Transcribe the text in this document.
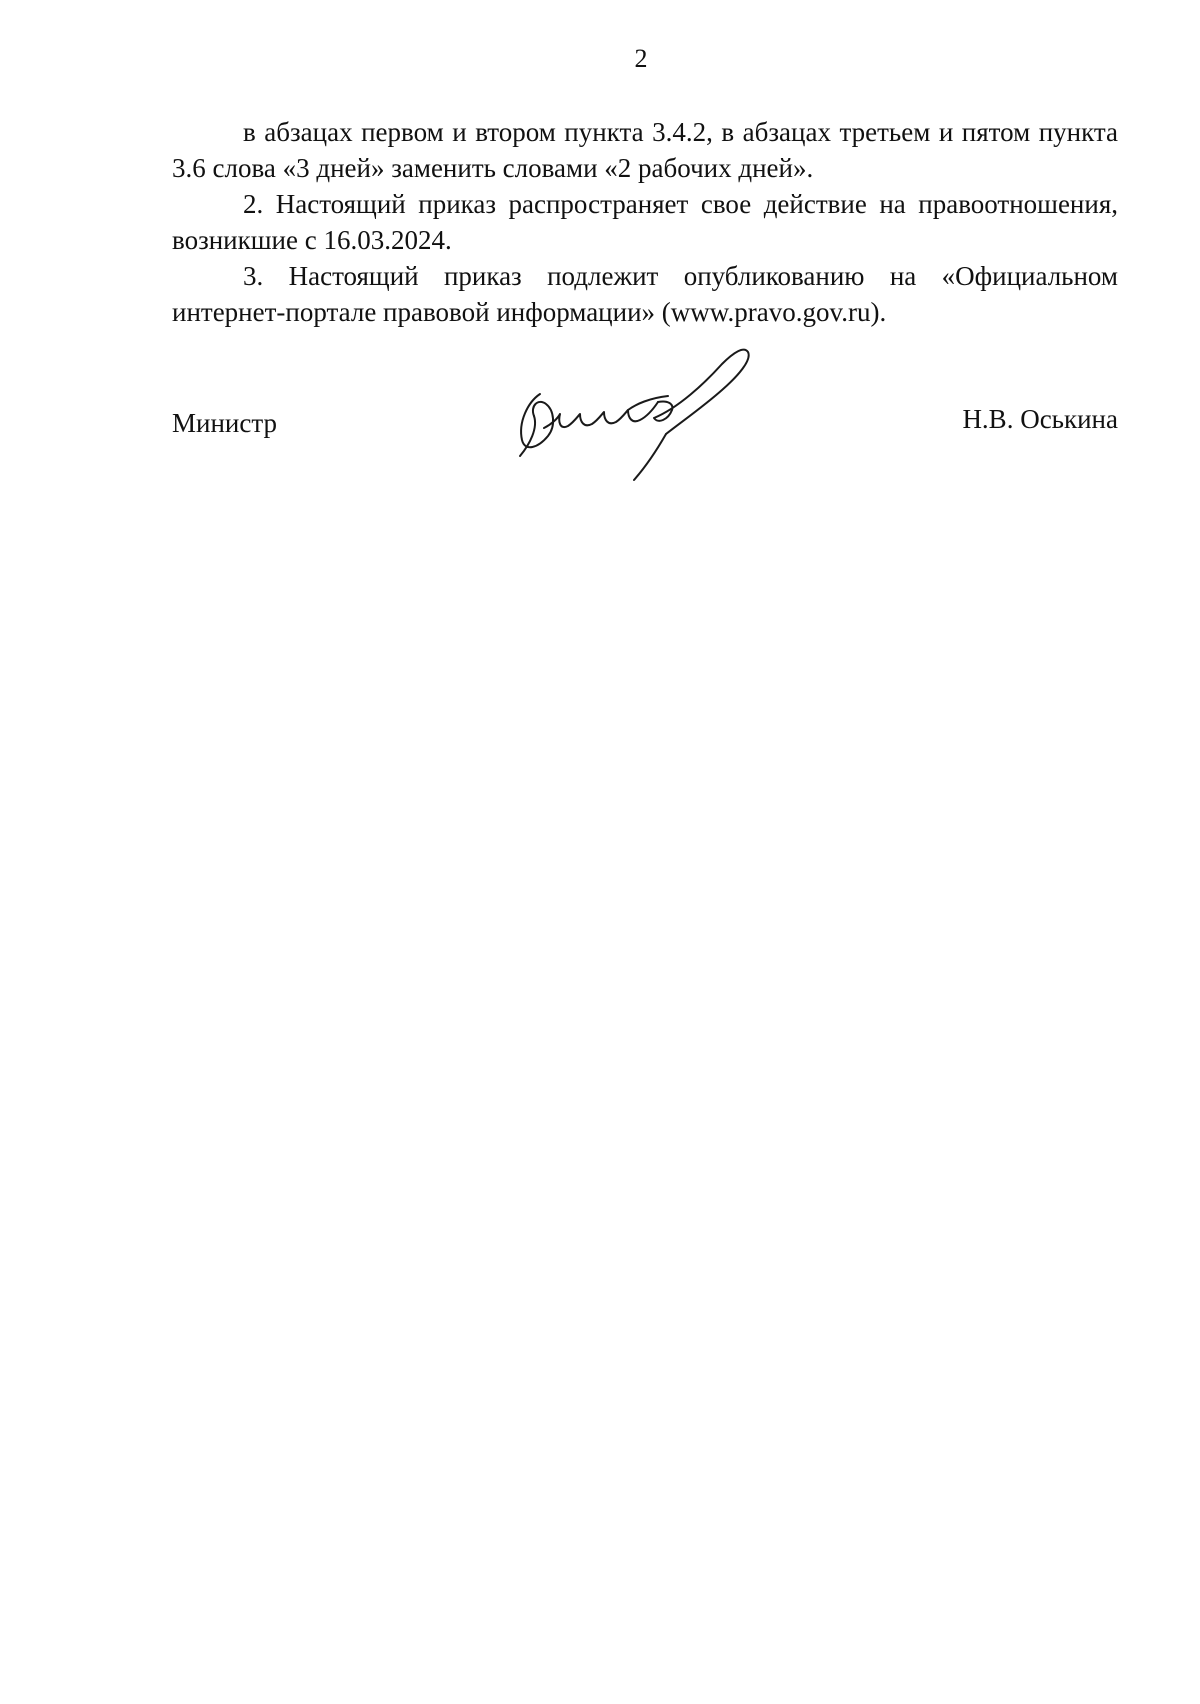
2

в абзацах первом и втором пункта 3.4.2, в абзацах третьем и пятом пункта 3.6 слова «3 дней» заменить словами «2 рабочих дней».

2. Настоящий приказ распространяет свое действие на правоотношения, возникшие с 16.03.2024.

3. Настоящий приказ подлежит опубликованию на «Официальном интернет-портале правовой информации» (www.pravo.gov.ru).

Министр	Н.В. Оськина
